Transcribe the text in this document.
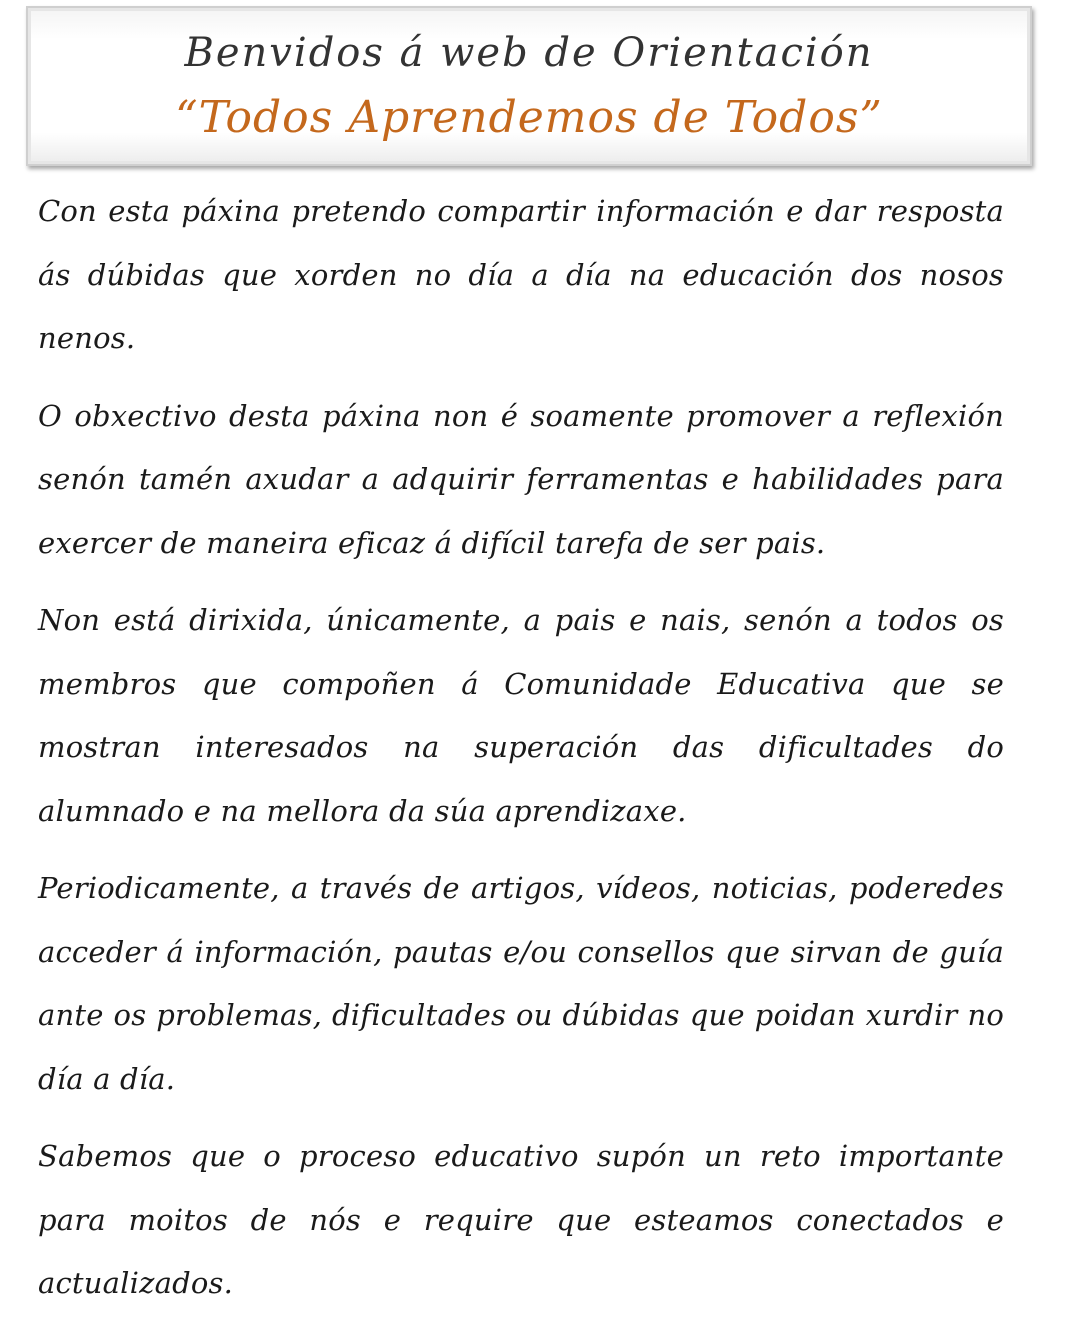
Benvidos á web de Orientación
“Todos Aprendemos de Todos”

Con esta páxina pretendo compartir información e dar resposta ás dúbidas que xorden no día a día na educación dos nosos nenos.

O obxectivo desta páxina non é soamente promover a reflexión senón tamén axudar a adquirir ferramentas e habilidades para exercer de maneira eficaz á difícil tarefa de ser pais.

Non está dirixida, únicamente, a pais e nais, senón a todos os membros que compoñen á Comunidade Educativa que se mostran interesados na superación das dificultades do alumnado e na mellora da súa aprendizaxe.

Periodicamente, a través de artigos, vídeos, noticias, poderedes acceder á información, pautas e/ou consellos que sirvan de guía ante os problemas, dificultades ou dúbidas que poidan xurdir no día a día.

Sabemos que o proceso educativo supón un reto importante para moitos de nós e require que esteamos conectados e actualizados.
